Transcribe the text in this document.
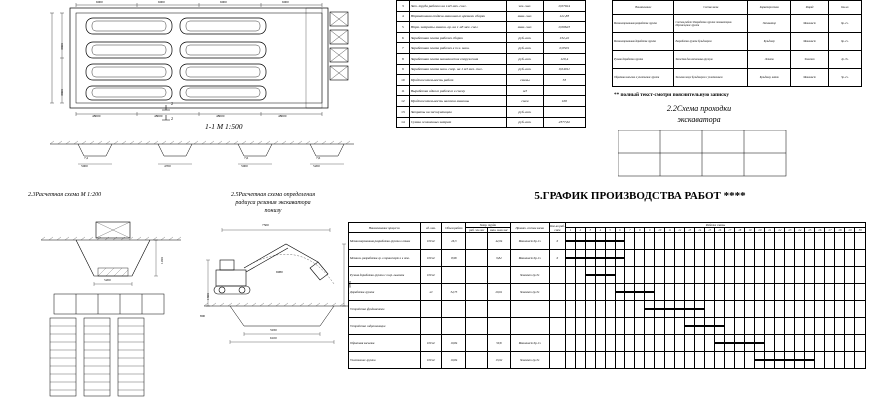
6000	6000	6000	6000
3000
3000
48000	48000	48000	48000
2
2
1-1 М 1:500
7,2
5000	4700
7,6
5000
7,6
5200
2.3Расчетная схема М 1:200
5200
1200
2.5Расчетная схема определения
радиуса резания экскаватора
понизу
7500
6980
5930
6100
1600
3700
800
3	Зат. труда рабочих на 1м3 мех. снег.	чел.-час.	0,07924
4	Нормативная отдача машинного времени сборки	маш.-час.	121,83
5	Норм. затраты машин. вр. на 1 м3 мех. снег.	маш.-час.	0,00623
6	Заработная плата рабочих сборки	руб.-коп.	132,22
7	Заработная плата рабочих в т.ч. маш.	руб.-коп.	0,0501
8	Заработная плата машинистов сооружения	руб.-коп.	129,4
9	Заработная плата маш. соор. на 1 м3 мех. снег.	руб.-коп.	0,04911
10	Продолжительность работ	смены	53
11	Выработка одного рабочего в смену	м3	
12	Продолжительность наличия машины	смен	160
13	Затраты на эксплуатацию	руб.-коп.	
14	Сумма жизненных затрат	руб.-коп.	2377,62
Наименование	Состав звена	Характеристика	Разряд	Кол-во
Механизированная разработка грунта	Состав работ: Разработка грунта экскаватором. Перемещение грунта	Экскаватор	Машинист	6р.-1ч.
Механизированная доработка грунта	Разработка грунта бульдозером	Бульдозер	Машинист	6р.-1ч.
Ручная доработка грунта	Зачистка дна котлована вручную	Лопата	Землекоп	2р.-3ч.
Обратная засыпка и уплотнение грунта	Засыпка пазух бульдозером с уплотнением	Бульдозер, каток	Машинист	5р.-1ч.
** полный текст-смотри пояснительную записку
2.2Схема проходки
экскаватора
5.ГРАФИК ПРОИЗВОДСТВА РАБОТ ****
Наименование процесса	ед. изм.	Объем работ	Затр. труда		Принят. состав звена	Кол-во раб. смен	Рабочие смены																													
			раб. чел.час	маш. маш.час			1	2	3	4	5	6	7	8	9	10	11	12	13	14	15	16	17	18	19	20	21	22	23	24	25	26	27	28	29	30
Механизированная разработка грунта в отвал	100 м³	26,3		42,04	Машинист 6р-1ч	6	

Механиз. разработка гр. в транспорт и в отв.	100 м³	8,98		9,84	Машинист 6р-1ч	6	

Ручная доработка грунта с погр. вывозом	100 м³				Землекоп 2р-3ч				

Доработка грунта	м³	34,75		29,61	Землекоп 2р-3ч							

Устройство фундаментов															

Устройство гидроизоляции																			

Обратная засыпка	100 м³	10,84		50,8	Машинист 6р-1ч																	

Уплотнение грунта	100 м³	10,84		13,92	Землекоп 2р-3ч																					
